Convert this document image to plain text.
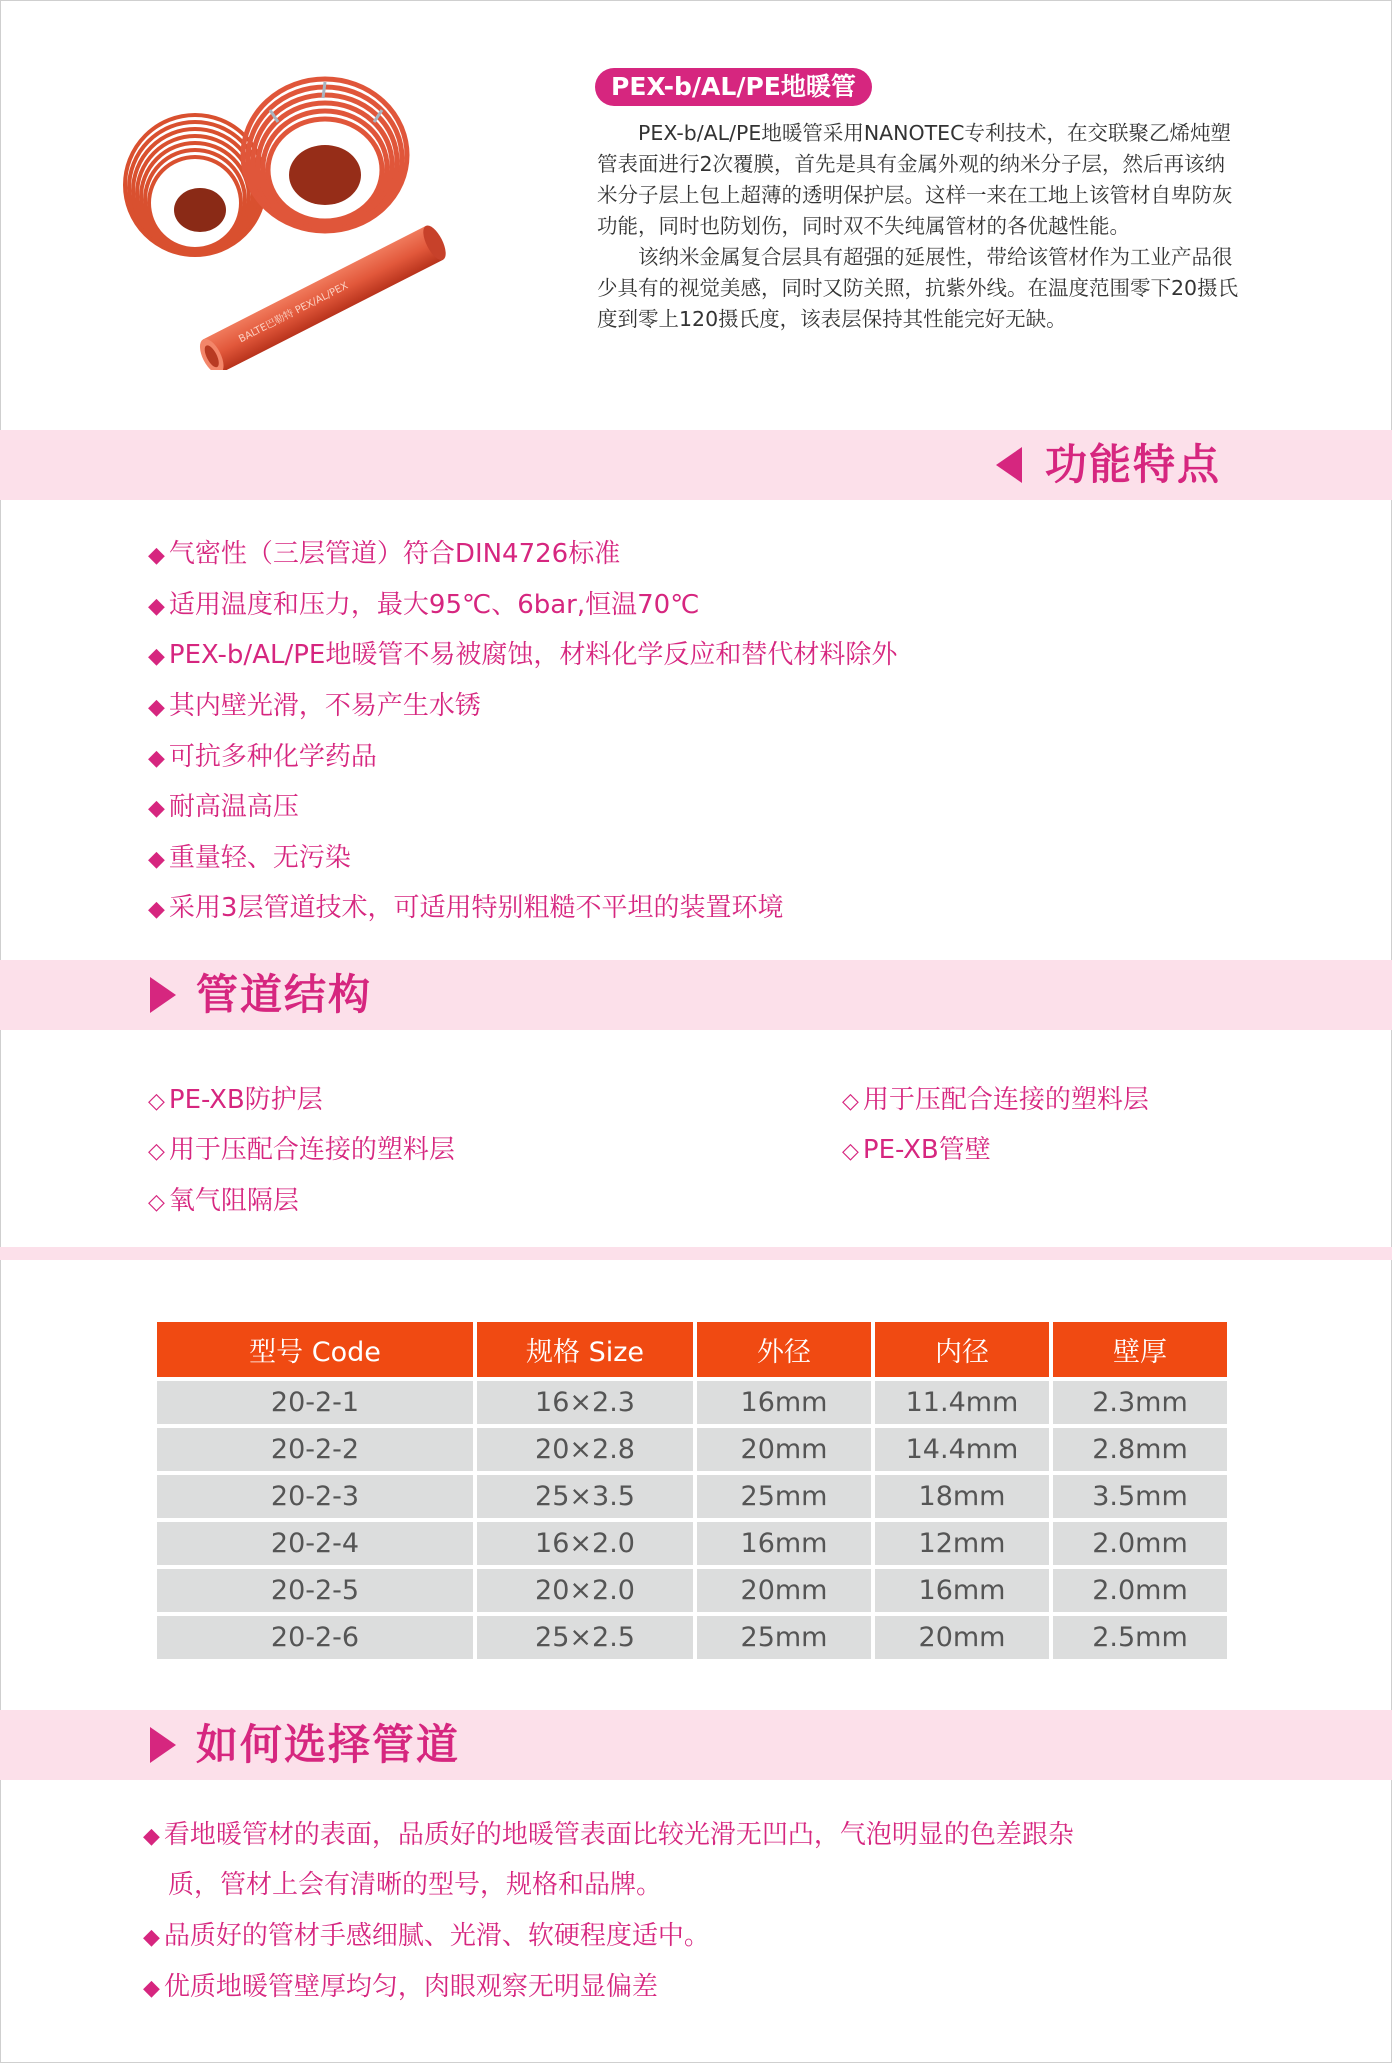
BALTE巴勒特 PEX/AL/PEX
PEX-b/AL/PE地暖管

PEX-b/AL/PE地暖管采用NANOTEC专利技术，在交联聚乙烯炖塑管表面进行2次覆膜，首先是具有金属外观的纳米分子层，然后再该纳米分子层上包上超薄的透明保护层。这样一来在工地上该管材自卑防灰功能，同时也防划伤，同时双不失纯属管材的各优越性能。

该纳米金属复合层具有超强的延展性，带给该管材作为工业产品很少具有的视觉美感，同时又防关照，抗紫外线。在温度范围零下20摄氏度到零上120摄氏度，该表层保持其性能完好无缺。

功能特点
◆ 气密性（三层管道）符合DIN4726标准
◆ 适用温度和压力，最大95℃、6bar,恒温70℃
◆ PEX-b/AL/PE地暖管不易被腐蚀，材料化学反应和替代材料除外
◆ 其内壁光滑，不易产生水锈
◆ 可抗多种化学药品
◆ 耐高温高压
◆ 重量轻、无污染
◆ 采用3层管道技术，可适用特别粗糙不平坦的装置环境
管道结构
◇ PE-XB防护层
◇ 用于压配合连接的塑料层
◇ 氧气阻隔层
◇ 用于压配合连接的塑料层
◇ PE-XB管壁
型号 Code	规格 Size	外径	内径	壁厚
20-2-1	16×2.3	16mm	11.4mm	2.3mm
20-2-2	20×2.8	20mm	14.4mm	2.8mm
20-2-3	25×3.5	25mm	18mm	3.5mm
20-2-4	16×2.0	16mm	12mm	2.0mm
20-2-5	20×2.0	20mm	16mm	2.0mm
20-2-6	25×2.5	25mm	20mm	2.5mm
如何选择管道
◆ 看地暖管材的表面，品质好的地暖管表面比较光滑无凹凸，气泡明显的色差跟杂
质，管材上会有清晰的型号，规格和品牌。
◆ 品质好的管材手感细腻、光滑、软硬程度适中。
◆ 优质地暖管壁厚均匀，肉眼观察无明显偏差
